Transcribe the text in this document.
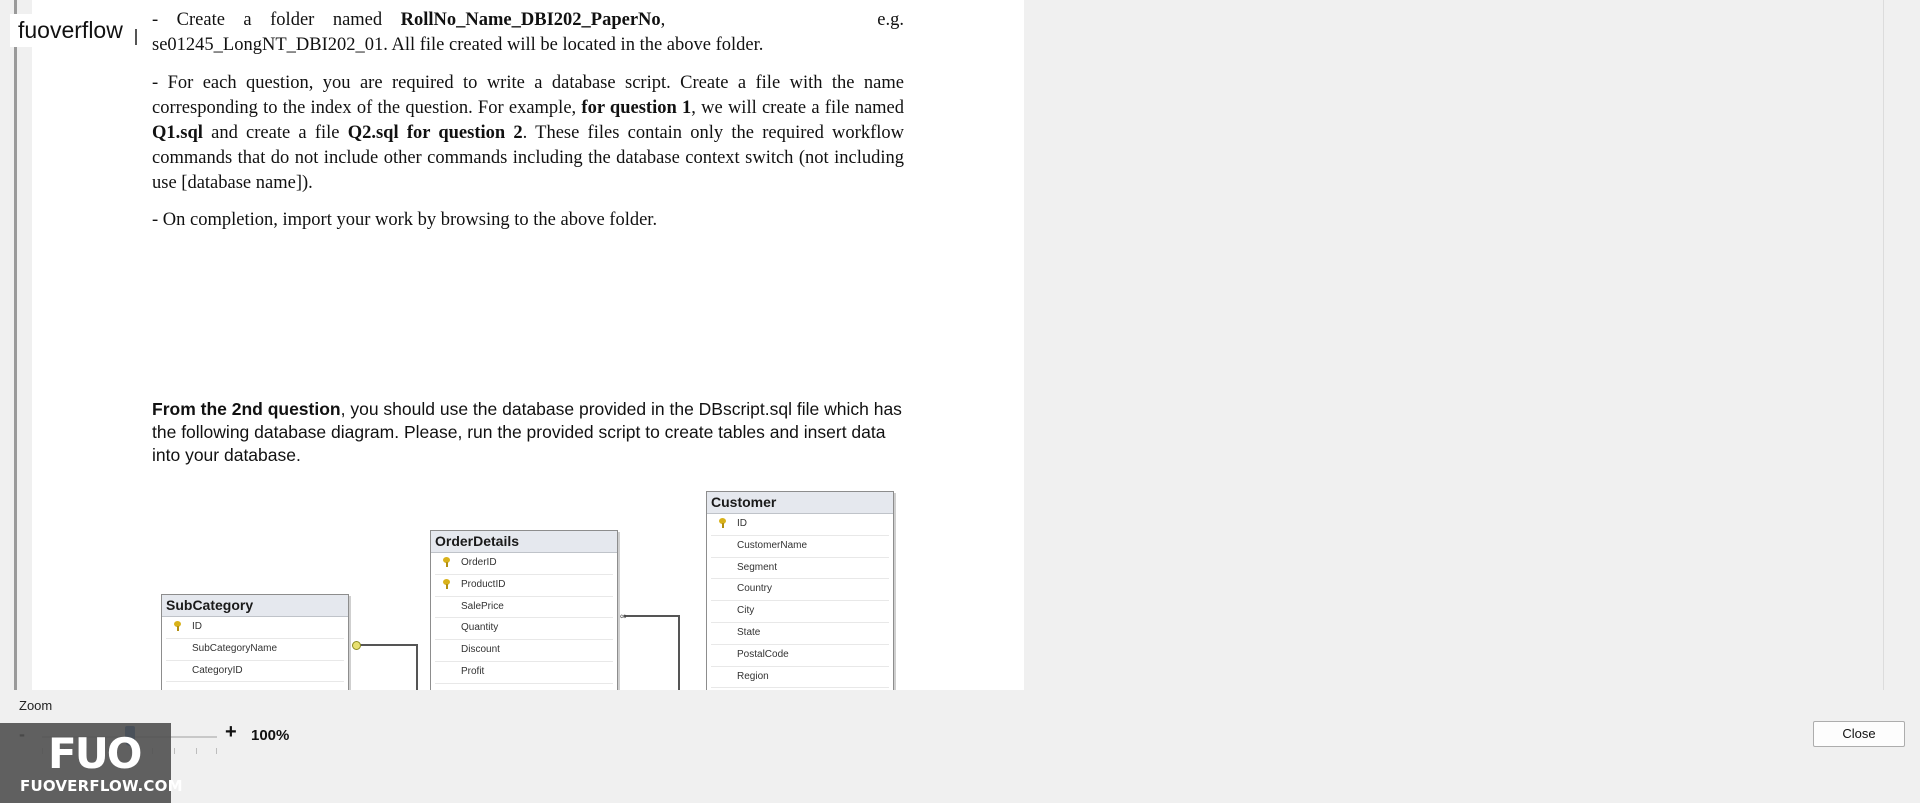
- Create a folder named RollNo_Name_DBI202_PaperNo, e.g.
se01245_LongNT_DBI202_01. All file created will be located in the above folder.
- For each question, you are required to write a database script. Create a file with the name corresponding to the index of the question. For example, for question 1, we will create a file named Q1.sql and create a file Q2.sql for question 2. These files contain only the required workflow commands that do not include other commands including the database context switch (not including use [database name]).
- On completion, import your work by browsing to the above folder.
From the 2nd question, you should use the database provided in the DBscript.sql file which has the following database diagram. Please, run the provided script to create tables and insert data into your database.
SubCategory
ID
SubCategoryName
CategoryID
OrderDetails
OrderID
ProductID
SalePrice
Quantity
Discount
Profit
Customer
ID
CustomerName
Segment
Country
City
State
PostalCode
Region
∞
fuoverflow
Zoom
+ 100%	Close
FUO
FUOVERFLOW.COM
